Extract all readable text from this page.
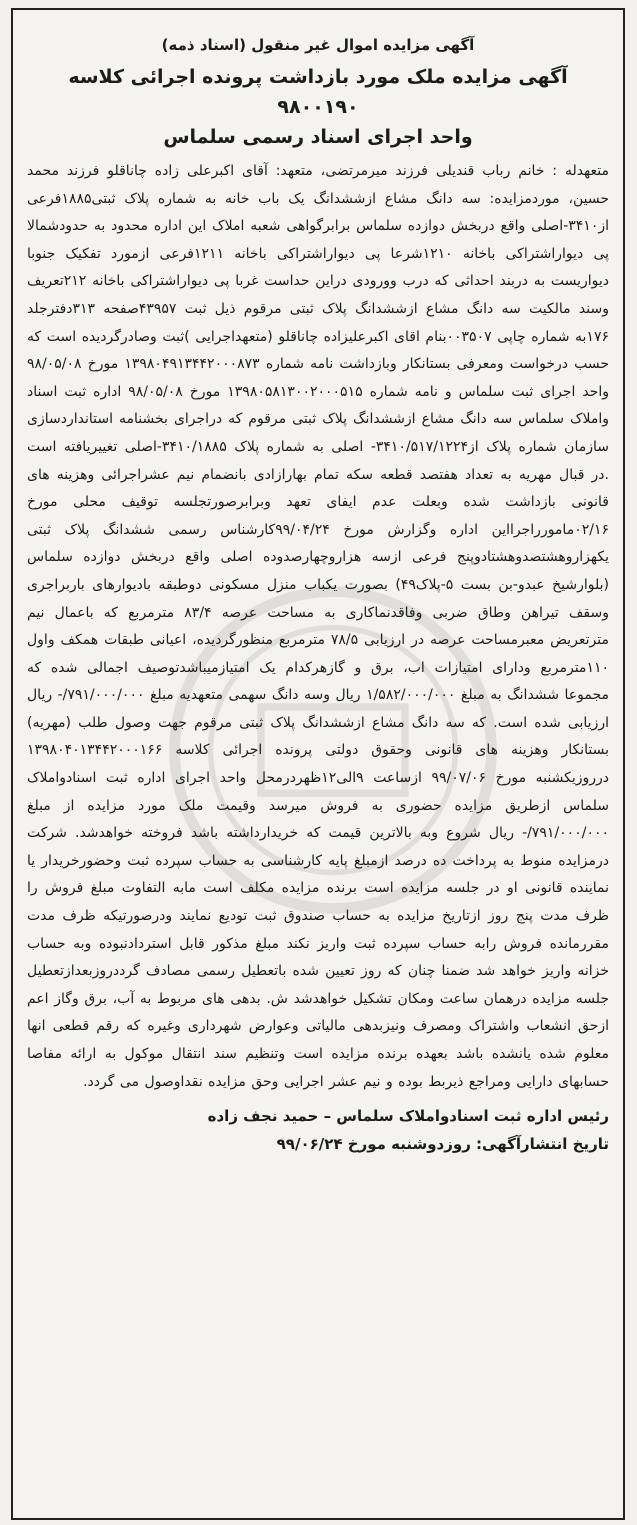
آگهی مزایده اموال غیر منقول (اسناد ذمه)
آگهی مزایده ملک مورد بازداشت پرونده اجرائی کلاسه ۹۸۰۰۱۹۰
واحد اجرای اسناد رسمی سلماس

متعهدله : خانم رباب قندیلی فرزند میرمرتضی، متعهد: آقای اکبرعلی زاده چاناقلو فرزند محمد حسین، موردمزایده: سه دانگ مشاع ازششدانگ یک باب خانه به شماره پلاک ثبتی۱۸۸۵فرعی از۳۴۱۰-اصلی واقع دربخش دوازده سلماس برابرگواهی شعبه املاک این اداره محدود به حدودشمالا پی دیواراشتراکی باخانه ۱۲۱۰شرعا پی دیواراشتراکی باخانه ۱۲۱۱فرعی ازمورد تفکیک جنوبا دیواریست به دربند احداثی که درب وورودی دراین حداست غربا پی دیواراشتراکی باخانه ۲۱۲تعریف وسند مالکیت سه دانگ مشاع ازششدانگ پلاک ثبتی مرقوم ذیل ثبت ۴۳۹۵۷صفحه ۳۱۳دفترجلد ۱۷۶به شماره چاپی ۰۰۳۵۰۷بنام اقای اکبرعلیزاده چاناقلو (متعهداجرایی )ثبت وصادرگردیده است که حسب درخواست ومعرفی بستانکار وبازداشت نامه شماره ۱۳۹۸۰۴۹۱۳۴۴۲۰۰۰۸۷۳ مورخ ۹۸/۰۵/۰۸ واحد اجرای ثبت سلماس و نامه شماره ۱۳۹۸۰۵۸۱۳۰۰۲۰۰۰۵۱۵ مورخ ۹۸/۰۵/۰۸ اداره ثبت اسناد واملاک سلماس سه دانگ مشاع ازششدانگ پلاک ثبتی مرقوم که دراجرای بخشنامه استانداردسازی سازمان شماره پلاک از۳۴۱۰/۵۱۷/۱۲۲۴- اصلی به شماره پلاک ۳۴۱۰/۱۸۸۵-اصلی تغییریافته است .در قبال مهریه به تعداد هفتصد قطعه سکه تمام بهارازادی بانضمام نیم عشراجرائی وهزینه های قانونی بازداشت شده وبعلت عدم ایفای تعهد وبرابرصورتجلسه توقیف محلی مورخ ۰۲/۱۶مامورراجرااین اداره وگزارش مورخ ۹۹/۰۴/۲۴کارشناس رسمی ششدانگ پلاک ثبتی یکهزاروهشتصدوهشتادوپنج فرعی ازسه هزاروچهارصدوده اصلی واقع دربخش دوازده سلماس (بلوارشیخ عبدو-بن بست ۵-پلاک۴۹) بصورت یکباب منزل مسکونی دوطبقه بادیوارهای باربراجری وسقف تیراهن وطاق ضربی وفاقدنماکاری به مساحت عرصه ۸۳/۴ مترمربع که باعمال نیم مترتعریض معبرمساحت عرصه در ارزیابی ۷۸/۵ مترمربع منظورگردیده، اعیانی طبقات همکف واول ۱۱۰مترمربع ودارای امتیازات اب، برق و گازهرکدام یک امتیازمیباشدتوصیف اجمالی شده که مجموعا ششدانگ به مبلغ ۱/۵۸۲/۰۰۰/۰۰۰ ریال وسه دانگ سهمی متعهدیه مبلغ ۷۹۱/۰۰۰/۰۰۰/- ریال ارزیابی شده است. که سه دانگ مشاع ازششدانگ پلاک ثبتی مرقوم جهت وصول طلب (مهریه) بستانکار وهزینه های قانونی وحقوق دولتی پرونده اجرائی کلاسه ۱۳۹۸۰۴۰۱۳۴۴۲۰۰۰۱۶۶ درروزیکشنبه مورخ ۹۹/۰۷/۰۶ ازساعت ۹الی۱۲ظهردرمحل واحد اجرای اداره ثبت اسنادواملاک سلماس ازطریق مزایده حضوری به فروش میرسد وقیمت ملک مورد مزایده از مبلغ ۷۹۱/۰۰۰/۰۰۰/- ریال شروع وبه بالاترین قیمت که خریدارداشته باشد فروخته خواهدشد. شرکت درمزایده منوط به پرداخت ده درصد ازمبلغ پایه کارشناسی به حساب سپرده ثبت وحضورخریدار یا نماینده قانونی او در جلسه مزایده است برنده مزایده مکلف است مابه التفاوت مبلغ فروش را ظرف مدت پنج روز ازتاریخ مزایده به حساب صندوق ثبت تودیع نمایند ودرصورتیکه ظرف مدت مقررمانده فروش رابه حساب سپرده ثبت واریز نکند مبلغ مذکور قابل استردادنبوده وبه حساب خزانه واریز خواهد شد ضمنا چنان که روز تعیین شده باتعطیل رسمی مصادف گرددروزبعدازتعطیل جلسه مزایده درهمان ساعت ومکان تشکیل خواهدشد ش. بدهی های مربوط به آب، برق وگاز اعم ازحق انشعاب واشتراک ومصرف ونیزبدهی مالیاتی وعوارض شهرداری وغیره که رقم قطعی انها معلوم شده یانشده باشد بعهده برنده مزایده است وتنظیم سند انتقال موکول به ارائه مفاصا حسابهای دارایی ومراجع ذیربط بوده و نیم عشر اجرایی وحق مزایده نقداوصول می گردد.

رئیس اداره ثبت اسنادواملاک سلماس – حمید نجف زاده
تاریخ انتشارآگهی: روزدوشنبه مورخ ۹۹/۰۶/۲۴
